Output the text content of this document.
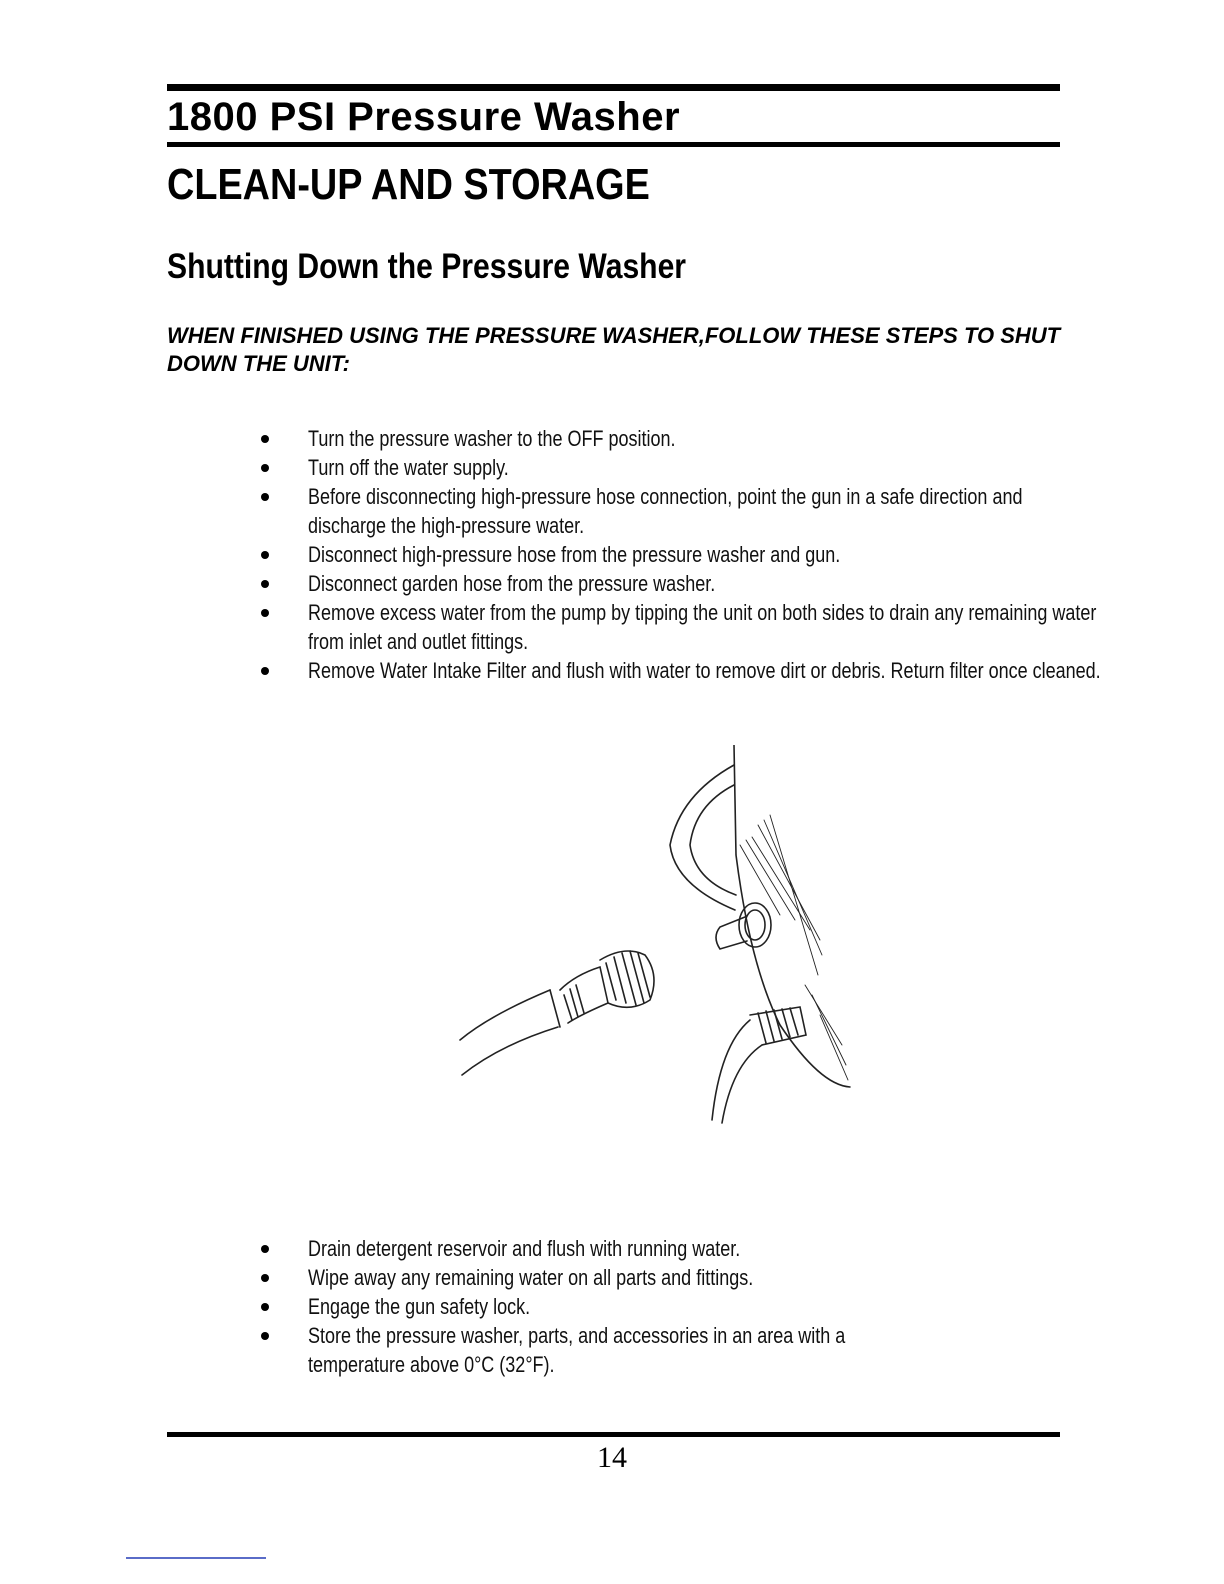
1800 PSI Pressure Washer
CLEAN-UP AND STORAGE
Shutting Down the Pressure Washer

WHEN FINISHED USING THE PRESSURE WASHER,FOLLOW THESE STEPS TO SHUT DOWN THE UNIT:

Turn the pressure washer to the OFF position.
Turn off the water supply.
Before disconnecting high-pressure hose connection, point the gun in a safe direction and discharge the high-pressure water.
Disconnect high-pressure hose from the pressure washer and gun.
Disconnect garden hose from the pressure washer.
Remove excess water from the pump by tipping the unit on both sides to drain any remaining water from inlet and outlet fittings.
Remove Water Intake Filter and flush with water to remove dirt or debris. Return filter once cleaned.
Drain detergent reservoir and flush with running water.
Wipe away any remaining water on all parts and fittings.
Engage the gun safety lock.
Store the pressure washer, parts, and accessories in an area with a temperature above 0°C (32°F).
14
